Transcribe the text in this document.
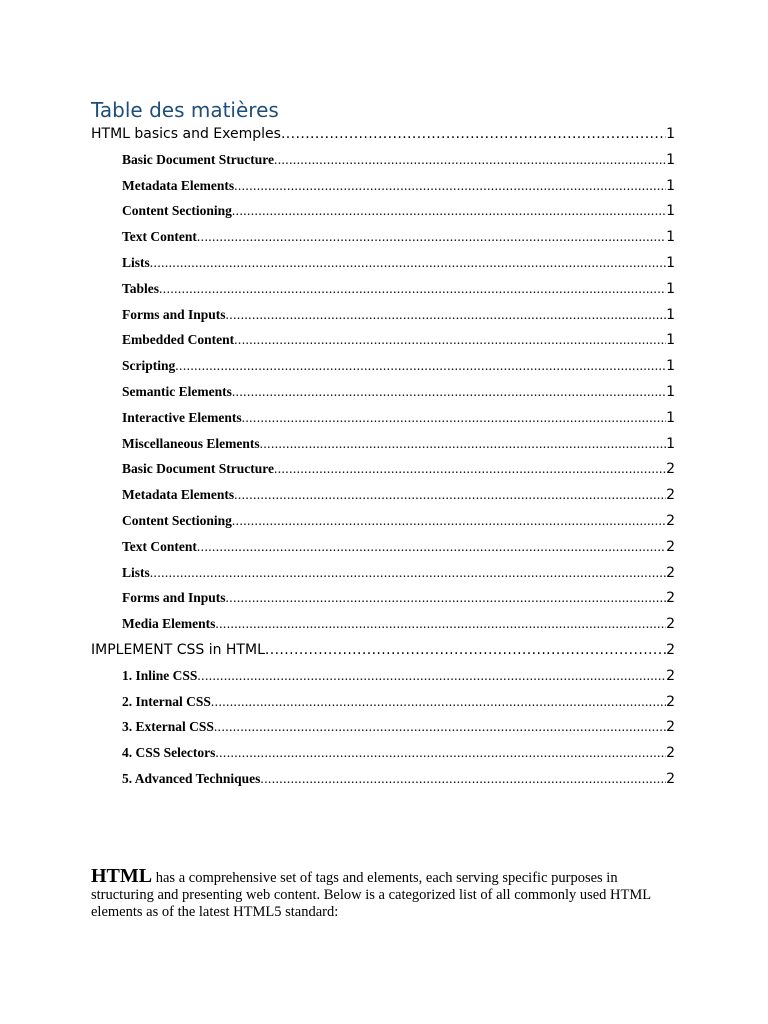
Table des matières
HTML basics and Exemples .....	1
Basic Document Structure .....	1
Metadata Elements .....	1
Content Sectioning .....	1
Text Content .....	1
Lists .....	1
Tables .....	1
Forms and Inputs .....	1
Embedded Content .....	1
Scripting .....	1
Semantic Elements .....	1
Interactive Elements .....	1
Miscellaneous Elements .....	1
Basic Document Structure .....	2
Metadata Elements .....	2
Content Sectioning .....	2
Text Content .....	2
Lists .....	2
Forms and Inputs .....	2
Media Elements .....	2
IMPLEMENT CSS in HTML .....	2
1. Inline CSS .....	2
2. Internal CSS .....	2
3. External CSS .....	2
4. CSS Selectors .....	2
5. Advanced Techniques .....	2

HTML has a comprehensive set of tags and elements, each serving specific purposes in structuring and presenting web content. Below is a categorized list of all commonly used HTML elements as of the latest HTML5 standard:
